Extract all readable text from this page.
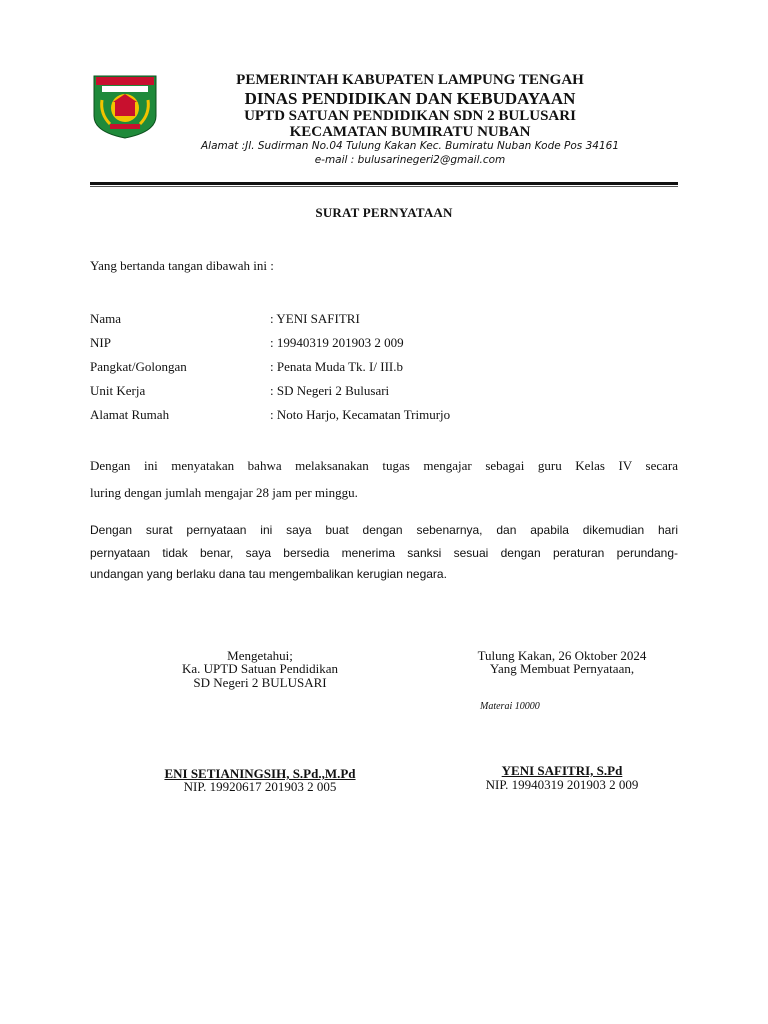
PEMERINTAH KABUPATEN LAMPUNG TENGAH
DINAS PENDIDIKAN DAN KEBUDAYAAN
UPTD SATUAN PENDIDIKAN SDN 2 BULUSARI
KECAMATAN BUMIRATU NUBAN
Alamat :Jl. Sudirman No.04 Tulung Kakan Kec. Bumiratu Nuban Kode Pos 34161
e-mail : bulusarinegeri2@gmail.com
SURAT PERNYATAAN
Yang bertanda tangan dibawah ini :
Nama	: YENI SAFITRI
NIP	: 19940319 201903 2 009
Pangkat/Golongan	: Penata Muda Tk. I/ III.b
Unit Kerja	: SD Negeri 2 Bulusari
Alamat Rumah	: Noto Harjo, Kecamatan Trimurjo
Dengan ini menyatakan bahwa melaksanakan tugas mengajar sebagai guru Kelas IV secara
luring dengan jumlah mengajar 28 jam per minggu.
Dengan surat pernyataan ini saya buat dengan sebenarnya, dan apabila dikemudian hari
pernyataan tidak benar, saya bersedia menerima sanksi sesuai dengan peraturan perundang-
undangan yang berlaku dana tau mengembalikan kerugian negara.
Mengetahui;
Ka. UPTD Satuan Pendidikan
SD Negeri 2 BULUSARI
ENI SETIANINGSIH, S.Pd.,M.Pd
NIP. 19920617 201903 2 005
Tulung Kakan, 26 Oktober 2024
Yang Membuat Pernyataan,
Materai 10000
YENI SAFITRI, S.Pd
NIP. 19940319 201903 2 009
